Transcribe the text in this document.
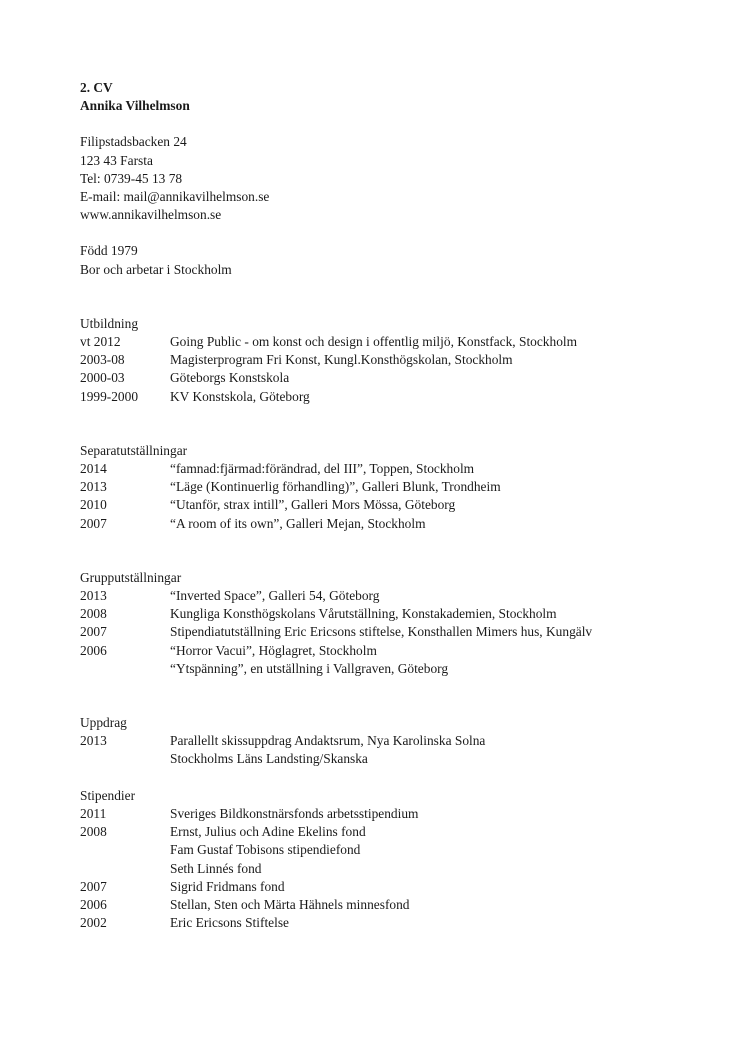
2. CV
Annika Vilhelmson
Filipstadsbacken 24
123 43 Farsta
Tel: 0739-45 13 78
E-mail: mail@annikavilhelmson.se
www.annikavilhelmson.se
Född 1979
Bor och arbetar i Stockholm
Utbildning
vt 2012	Going Public - om konst och design i offentlig miljö, Konstfack, Stockholm
2003-08	Magisterprogram Fri Konst, Kungl.Konsthögskolan, Stockholm
2000-03	Göteborgs Konstskola
1999-2000	KV Konstskola, Göteborg
Separatutställningar
2014	“famnad:fjärmad:förändrad, del III”, Toppen, Stockholm
2013	“Läge (Kontinuerlig förhandling)”, Galleri Blunk, Trondheim
2010	“Utanför, strax intill”, Galleri Mors Mössa, Göteborg
2007	“A room of its own”, Galleri Mejan, Stockholm
Grupputställningar
2013	“Inverted Space”, Galleri 54, Göteborg
2008	Kungliga Konsthögskolans Vårutställning, Konstakademien, Stockholm
2007	Stipendiatutställning Eric Ericsons stiftelse, Konsthallen Mimers hus, Kungälv
2006	“Horror Vacui”, Höglagret, Stockholm
“Ytspänning”, en utställning i Vallgraven, Göteborg
Uppdrag
2013	Parallellt skissuppdrag Andaktsrum, Nya Karolinska Solna
Stockholms Läns Landsting/Skanska
Stipendier
2011	Sveriges Bildkonstnärsfonds arbetsstipendium
2008	Ernst, Julius och Adine Ekelins fond
Fam Gustaf Tobisons stipendiefond
Seth Linnés fond
2007	Sigrid Fridmans fond
2006	Stellan, Sten och Märta Hähnels minnesfond
2002	Eric Ericsons Stiftelse
